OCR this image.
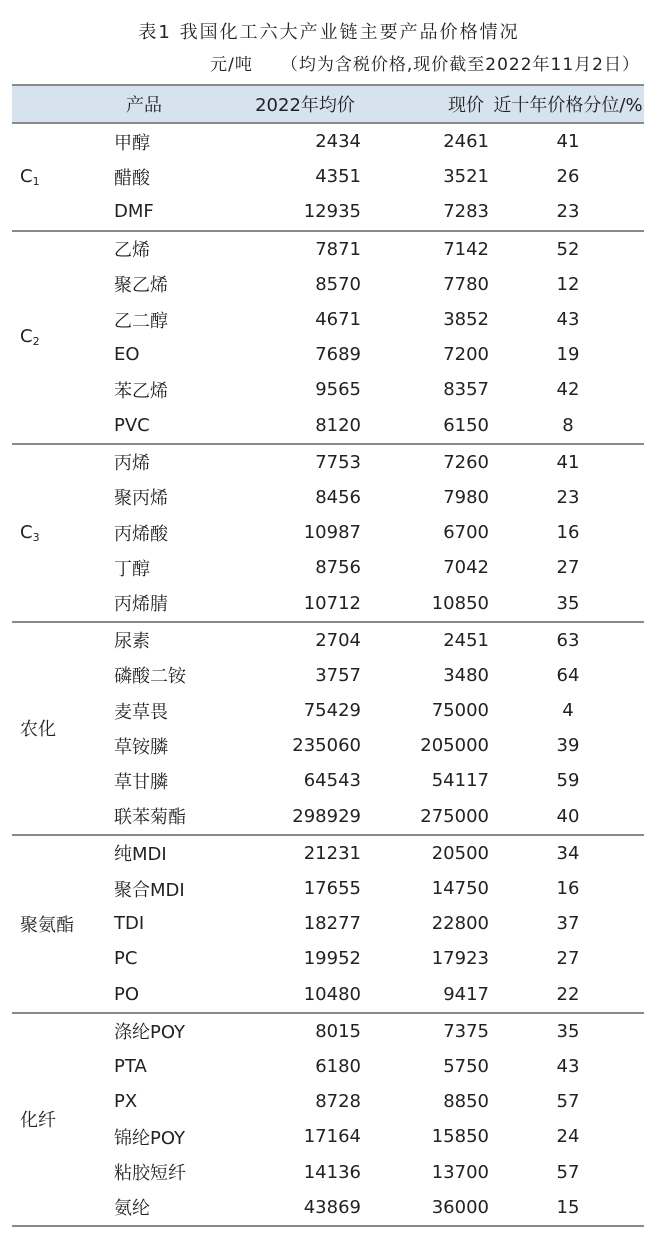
表1 我国化工六大产业链主要产品价格情况
元/吨 （均为含税价格,现价截至2022年11月2日）
	产品	2022年均价	现价	近十年价格分位/%
$C_1$	甲醇	2434	2461	41
	醋酸	4351	3521	26
	DMF	12935	7283	23
$C_2$	乙烯	7871	7142	52
	聚乙烯	8570	7780	12
	乙二醇	4671	3852	43
	EO	7689	7200	19
	苯乙烯	9565	8357	42
	PVC	8120	6150	8
$C_3$	丙烯	7753	7260	41
	聚丙烯	8456	7980	23
	丙烯酸	10987	6700	16
	丁醇	8756	7042	27
	丙烯腈	10712	10850	35
农化	尿素	2704	2451	63
	磷酸二铵	3757	3480	64
	麦草畏	75429	75000	4
	草铵膦	235060	205000	39
	草甘膦	64543	54117	59
	联苯菊酯	298929	275000	40
聚氨酯	纯MDI	21231	20500	34
	聚合MDI	17655	14750	16
	TDI	18277	22800	37
	PC	19952	17923	27
	PO	10480	9417	22
化纤	涤纶POY	8015	7375	35
	PTA	6180	5750	43
	PX	8728	8850	57
	锦纶POY	17164	15850	24
	粘胶短纤	14136	13700	57
	氨纶	43869	36000	15
